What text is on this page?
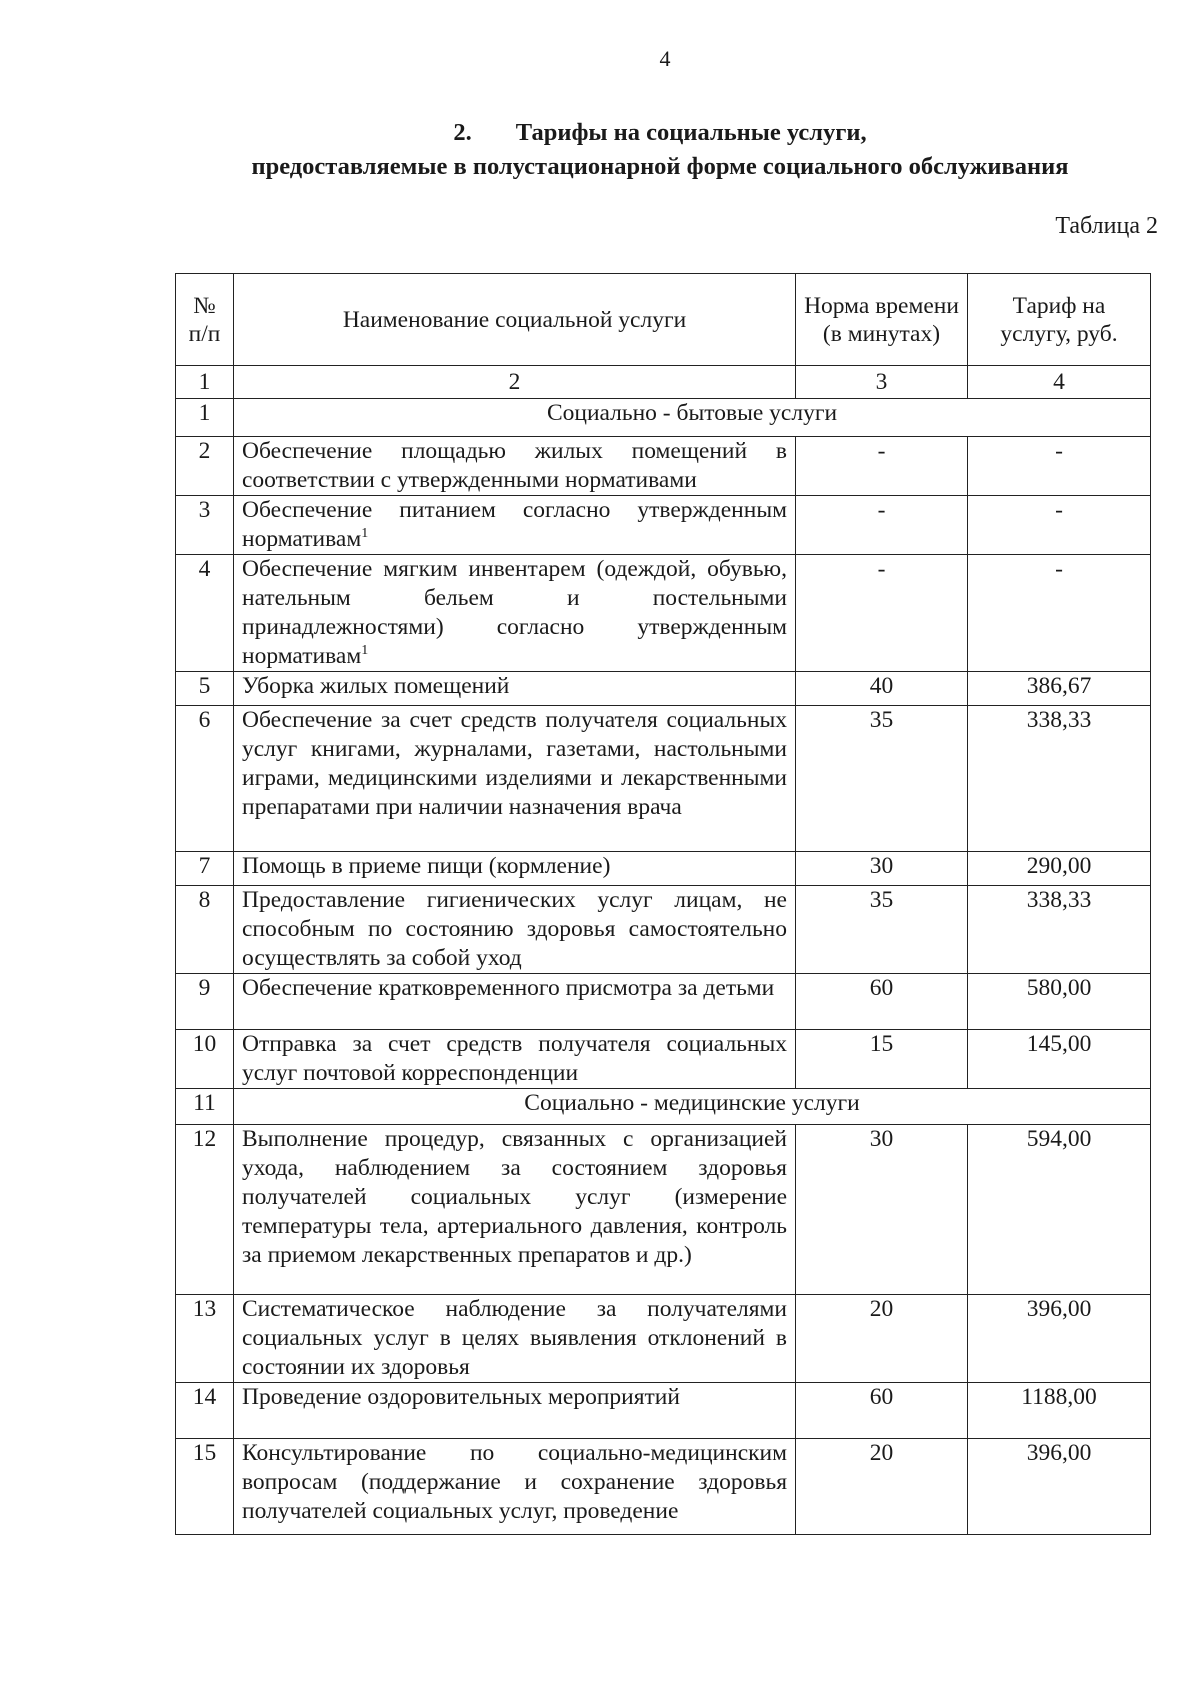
4
2. Тарифы на социальные услуги,
предоставляемые в полустационарной форме социального обслуживания
Таблица 2
№ п/п	Наименование социальной услуги	Норма времени (в минутах)	Тариф на услугу, руб.
1	2	3	4
1	Социально - бытовые услуги		
2	Обеспечение площадью жилых помещений в соответствии с утвержденными нормативами	-	-
3	Обеспечение питанием согласно утвержденным нормативам$^1$	-	-
4	Обеспечение мягким инвентарем (одеждой, обувью, нательным бельем и постельными принадлежностями) согласно утвержденным нормативам$^1$	-	-
5	Уборка жилых помещений	40	386,67
6	Обеспечение за счет средств получателя социальных услуг книгами, журналами, газетами, настольными играми, медицинскими изделиями и лекарственными препаратами при наличии назначения врача	35	338,33
7	Помощь в приеме пищи (кормление)	30	290,00
8	Предоставление гигиенических услуг лицам, не способным по состоянию здоровья самостоятельно осуществлять за собой уход	35	338,33
9	Обеспечение кратковременного присмотра за детьми	60	580,00
10	Отправка за счет средств получателя социальных услуг почтовой корреспонденции	15	145,00
11	Социально - медицинские услуги		
12	Выполнение процедур, связанных с организацией ухода, наблюдением за состоянием здоровья получателей социальных услуг (измерение температуры тела, артериального давления, контроль за приемом лекарственных препаратов и др.)	30	594,00
13	Систематическое наблюдение за получателями социальных услуг в целях выявления отклонений в состоянии их здоровья	20	396,00
14	Проведение оздоровительных мероприятий	60	1188,00
15	Консультирование по социально-медицинским вопросам (поддержание и сохранение здоровья получателей социальных услуг, проведение	20	396,00
